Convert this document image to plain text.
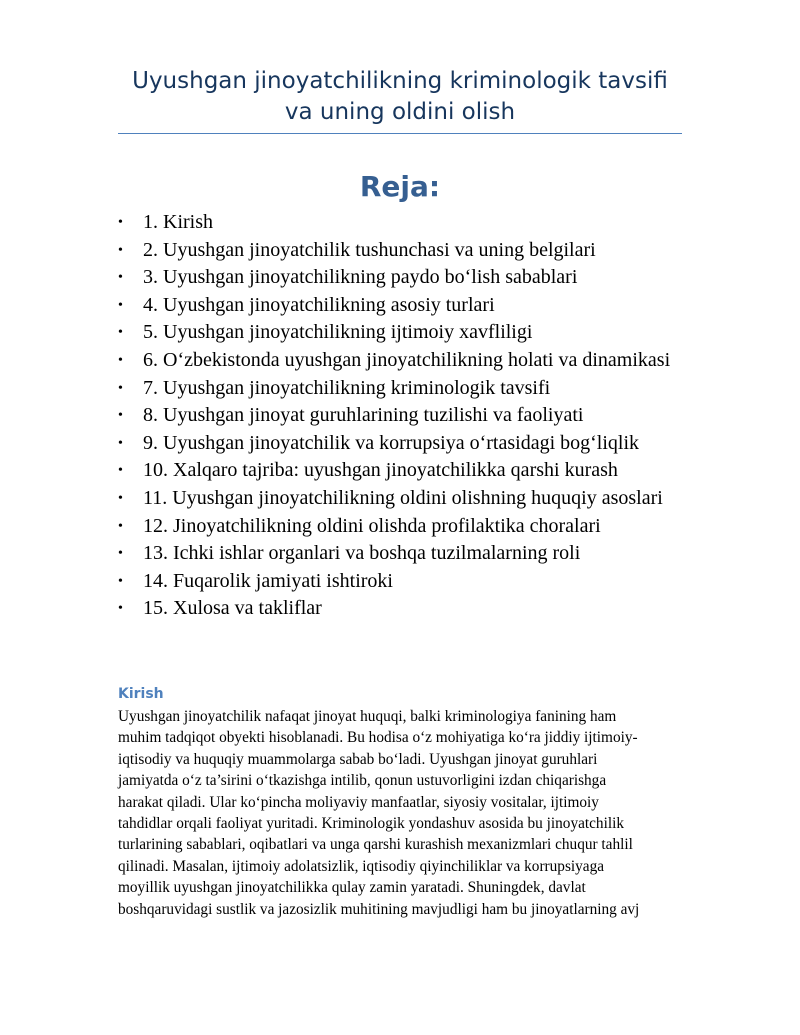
Uyushgan jinoyatchilikning kriminologik tavsifi va uning oldini olish
Reja:
•	1. Kirish
•	2. Uyushgan jinoyatchilik tushunchasi va uning belgilari
•	3. Uyushgan jinoyatchilikning paydo bo‘lish sabablari
•	4. Uyushgan jinoyatchilikning asosiy turlari
•	5. Uyushgan jinoyatchilikning ijtimoiy xavfliligi
•	6. O‘zbekistonda uyushgan jinoyatchilikning holati va dinamikasi
•	7. Uyushgan jinoyatchilikning kriminologik tavsifi
•	8. Uyushgan jinoyat guruhlarining tuzilishi va faoliyati
•	9. Uyushgan jinoyatchilik va korrupsiya o‘rtasidagi bog‘liqlik
•	10. Xalqaro tajriba: uyushgan jinoyatchilikka qarshi kurash
•	11. Uyushgan jinoyatchilikning oldini olishning huquqiy asoslari
•	12. Jinoyatchilikning oldini olishda profilaktika choralari
•	13. Ichki ishlar organlari va boshqa tuzilmalarning roli
•	14. Fuqarolik jamiyati ishtiroki
•	15. Xulosa va takliflar
Kirish
Uyushgan jinoyatchilik nafaqat jinoyat huquqi, balki kriminologiya fanining ham
muhim tadqiqot obyekti hisoblanadi. Bu hodisa o‘z mohiyatiga ko‘ra jiddiy ijtimoiy-
iqtisodiy va huquqiy muammolarga sabab bo‘ladi. Uyushgan jinoyat guruhlari
jamiyatda o‘z ta’sirini o‘tkazishga intilib, qonun ustuvorligini izdan chiqarishga
harakat qiladi. Ular ko‘pincha moliyaviy manfaatlar, siyosiy vositalar, ijtimoiy
tahdidlar orqali faoliyat yuritadi. Kriminologik yondashuv asosida bu jinoyatchilik
turlarining sabablari, oqibatlari va unga qarshi kurashish mexanizmlari chuqur tahlil
qilinadi. Masalan, ijtimoiy adolatsizlik, iqtisodiy qiyinchiliklar va korrupsiyaga
moyillik uyushgan jinoyatchilikka qulay zamin yaratadi. Shuningdek, davlat
boshqaruvidagi sustlik va jazosizlik muhitining mavjudligi ham bu jinoyatlarning avj
